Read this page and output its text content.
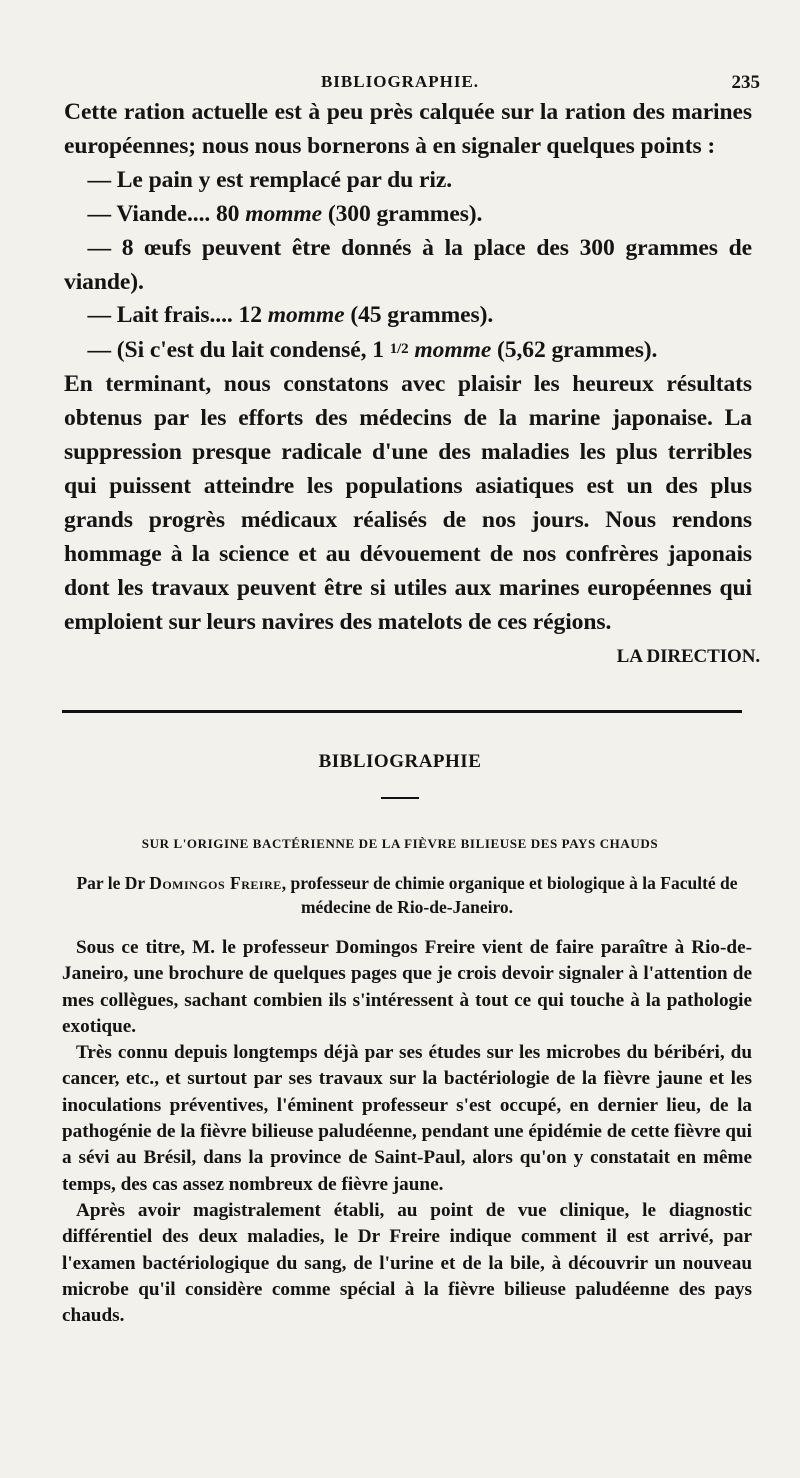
BIBLIOGRAPHIE.	235

Cette ration actuelle est à peu près calquée sur la ration des marines européennes; nous nous bornerons à en signaler quelques points :

 — Le pain y est remplacé par du riz.

 — Viande.... 80 momme (300 grammes).

 — 8 œufs peuvent être donnés à la place des 300 grammes de viande).

 — Lait frais.... 12 momme (45 grammes).

 — (Si c'est du lait condensé, 1 1/2 momme (5,62 grammes).

En terminant, nous constatons avec plaisir les heureux résultats obtenus par les efforts des médecins de la marine japonaise. La suppression presque radicale d'une des maladies les plus terribles qui puissent atteindre les populations asiatiques est un des plus grands progrès médicaux réalisés de nos jours. Nous rendons hommage à la science et au dévouement de nos confrères japonais dont les travaux peuvent être si utiles aux marines européennes qui emploient sur leurs navires des matelots de ces régions.

LA DIRECTION.

BIBLIOGRAPHIE
SUR L'ORIGINE BACTÉRIENNE DE LA FIÈVRE BILIEUSE DES PAYS CHAUDS
Par le Dr Domingos Freire, professeur de chimie organique et biologique à la Faculté de médecine de Rio-de-Janeiro.

Sous ce titre, M. le professeur Domingos Freire vient de faire paraître à Rio-de-Janeiro, une brochure de quelques pages que je crois devoir signaler à l'attention de mes collègues, sachant combien ils s'intéressent à tout ce qui touche à la pathologie exotique.

Très connu depuis longtemps déjà par ses études sur les microbes du béribéri, du cancer, etc., et surtout par ses travaux sur la bactériologie de la fièvre jaune et les inoculations préventives, l'éminent professeur s'est occupé, en dernier lieu, de la pathogénie de la fièvre bilieuse paludéenne, pendant une épidémie de cette fièvre qui a sévi au Brésil, dans la province de Saint-Paul, alors qu'on y constatait en même temps, des cas assez nombreux de fièvre jaune.

Après avoir magistralement établi, au point de vue clinique, le diagnostic différentiel des deux maladies, le Dr Freire indique comment il est arrivé, par l'examen bactériologique du sang, de l'urine et de la bile, à découvrir un nouveau microbe qu'il considère comme spécial à la fièvre bilieuse paludéenne des pays chauds.
